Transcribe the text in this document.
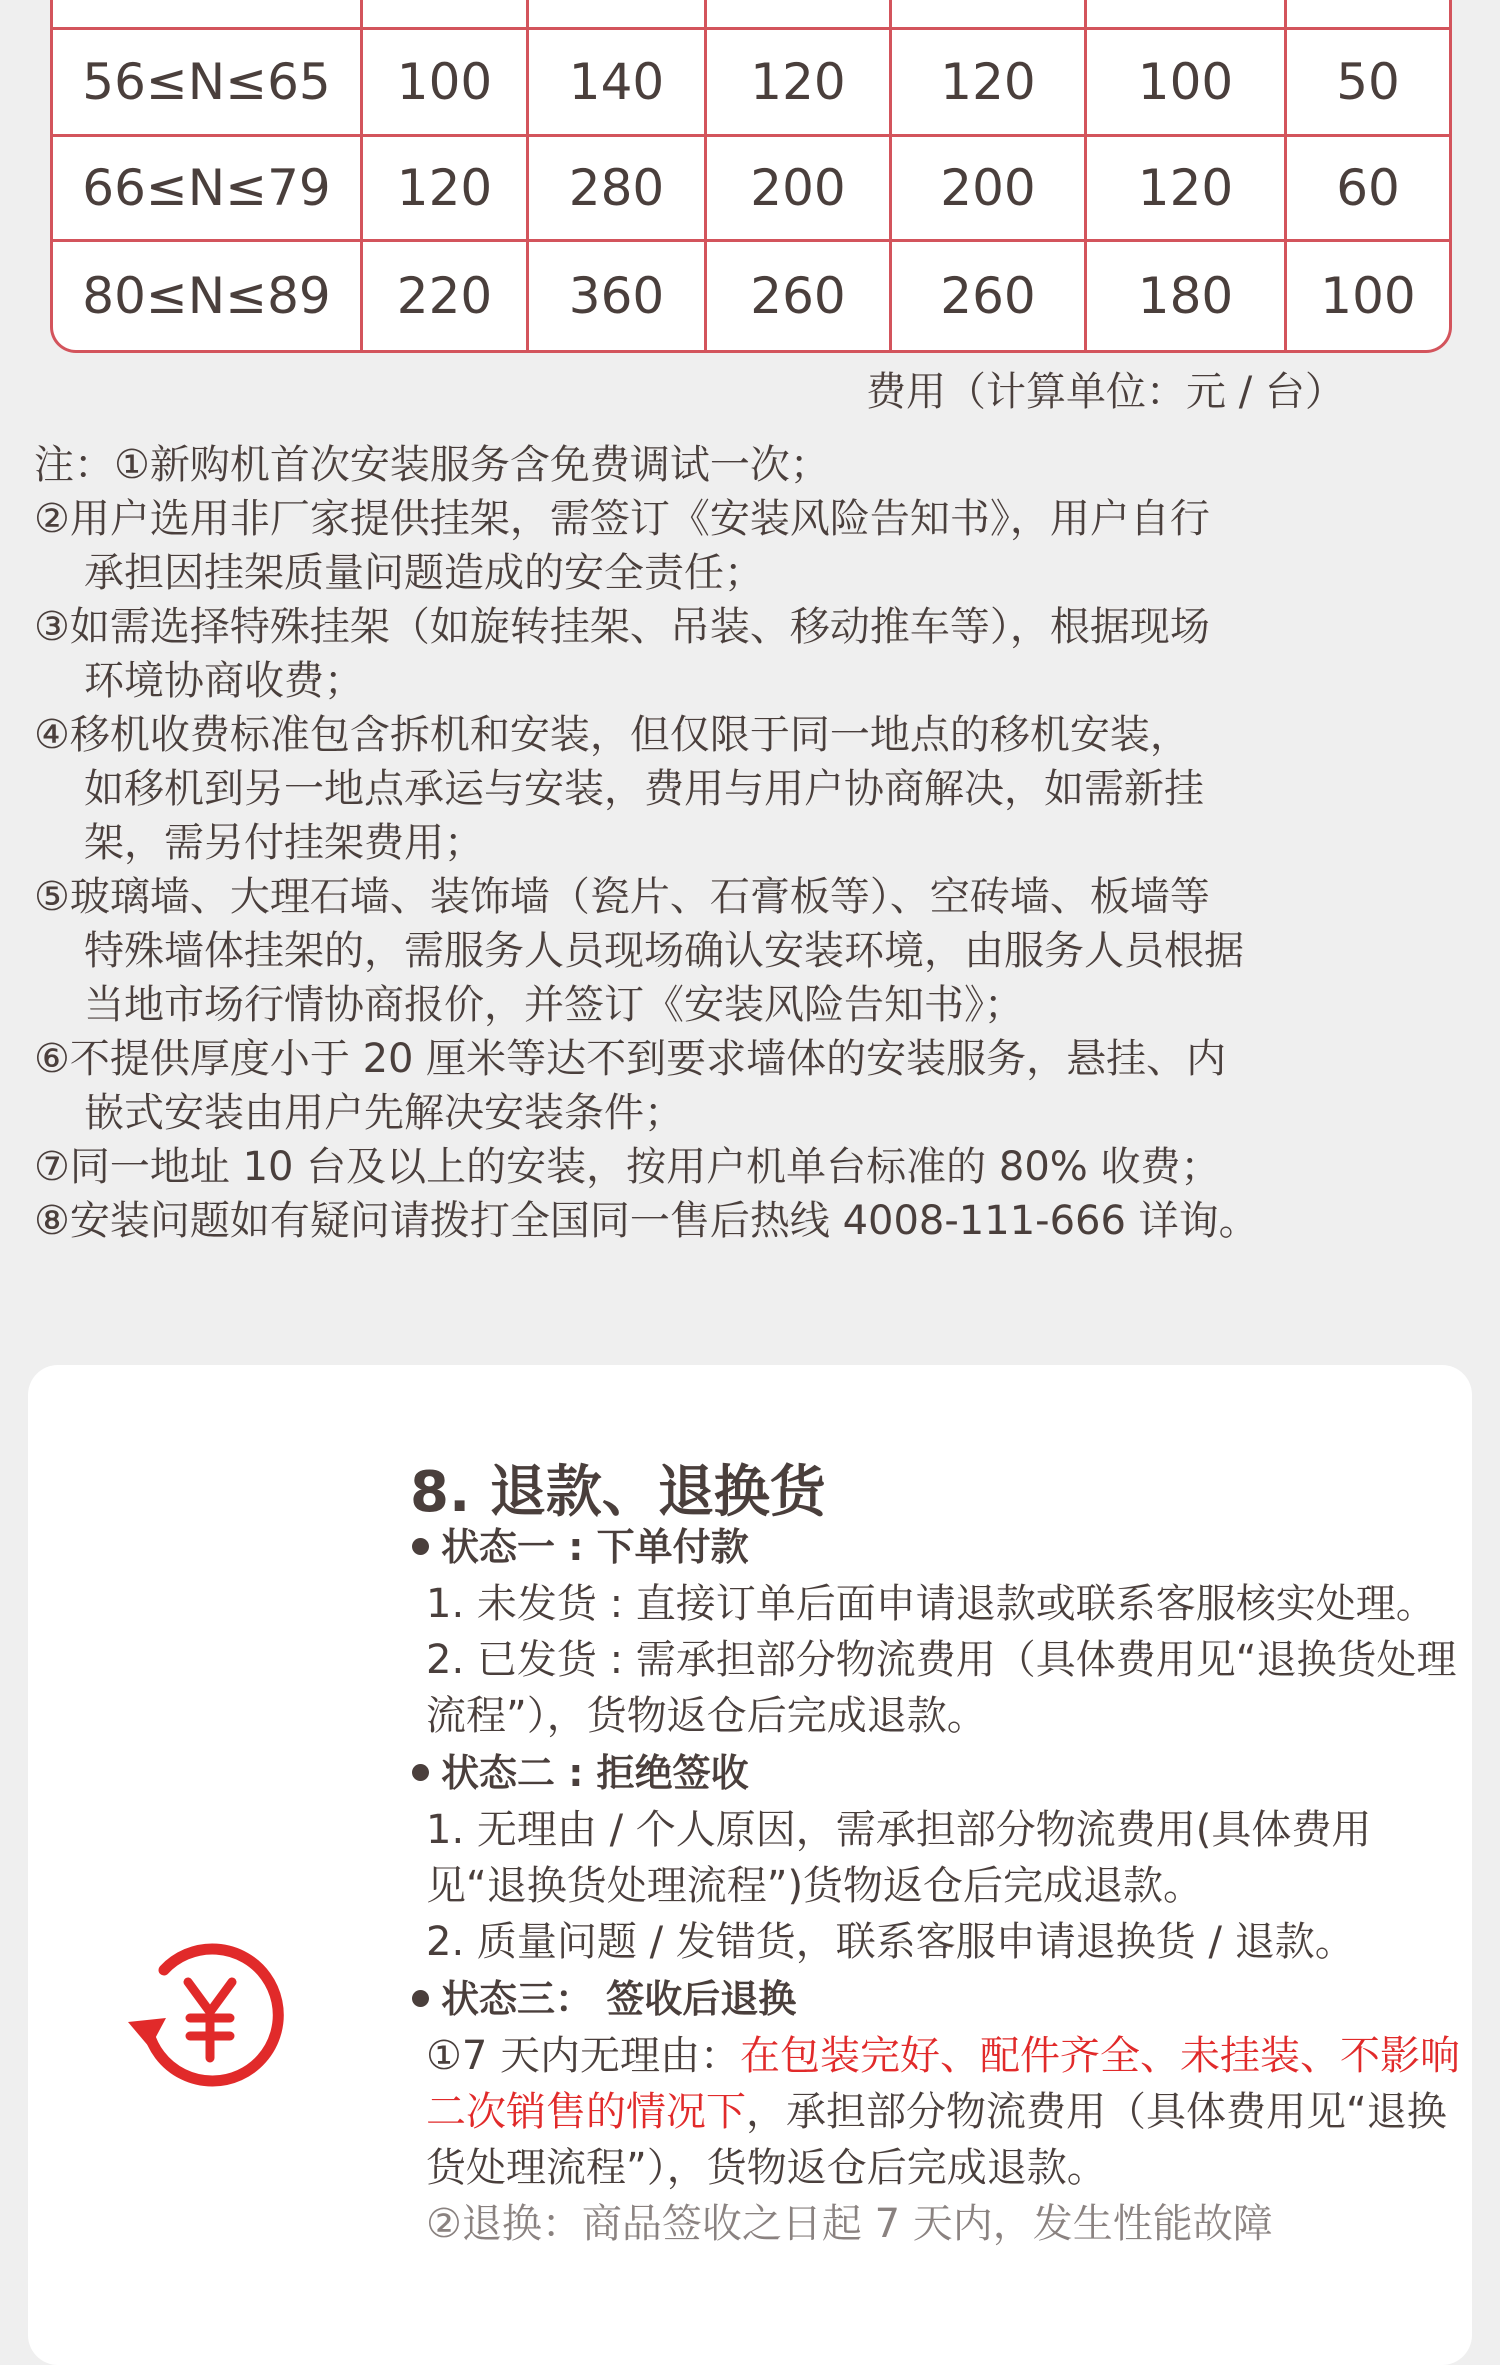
56≤N≤65	100	140	120	120	100	50
66≤N≤79	120	280	200	200	120	60
80≤N≤89	220	360	260	260	180	100
费用（计算单位：元 / 台）

注：①新购机首次安装服务含免费调试一次；

②用户选用非厂家提供挂架，需签订《安装风险告知书》，用户自行

承担因挂架质量问题造成的安全责任；

③如需选择特殊挂架（如旋转挂架、吊装、移动推车等），根据现场

环境协商收费；

④移机收费标准包含拆机和安装，但仅限于同一地点的移机安装，

如移机到另一地点承运与安装，费用与用户协商解决，如需新挂

架，需另付挂架费用；

⑤玻璃墙、大理石墙、装饰墙（瓷片、石膏板等）、空砖墙、板墙等

特殊墙体挂架的，需服务人员现场确认安装环境，由服务人员根据

当地市场行情协商报价，并签订《安装风险告知书》；

⑥不提供厚度小于 20 厘米等达不到要求墙体的安装服务，悬挂、内

嵌式安装由用户先解决安装条件；

⑦同一地址 10 台及以上的安装，按用户机单台标准的 80% 收费；

⑧安装问题如有疑问请拨打全国同一售后热线 4008-111-666 详询。

8. 退款、退换货
状态一 : 下单付款

1. 未发货 : 直接订单后面申请退款或联系客服核实处理。

2. 已发货 : 需承担部分物流费用（具体费用见“退换货处理流程”），货物返仓后完成退款。

状态二 : 拒绝签收

1. 无理由 / 个人原因，需承担部分物流费用(具体费用见“退换货处理流程”)货物返仓后完成退款。

2. 质量问题 / 发错货，联系客服申请退换货 / 退款。

状态三： 签收后退换

①7 天内无理由：在包装完好、配件齐全、未挂装、不影响二次销售的情况下，承担部分物流费用（具体费用见“退换货处理流程”），货物返仓后完成退款。

②退换：商品签收之日起 7 天内，发生性能故障
